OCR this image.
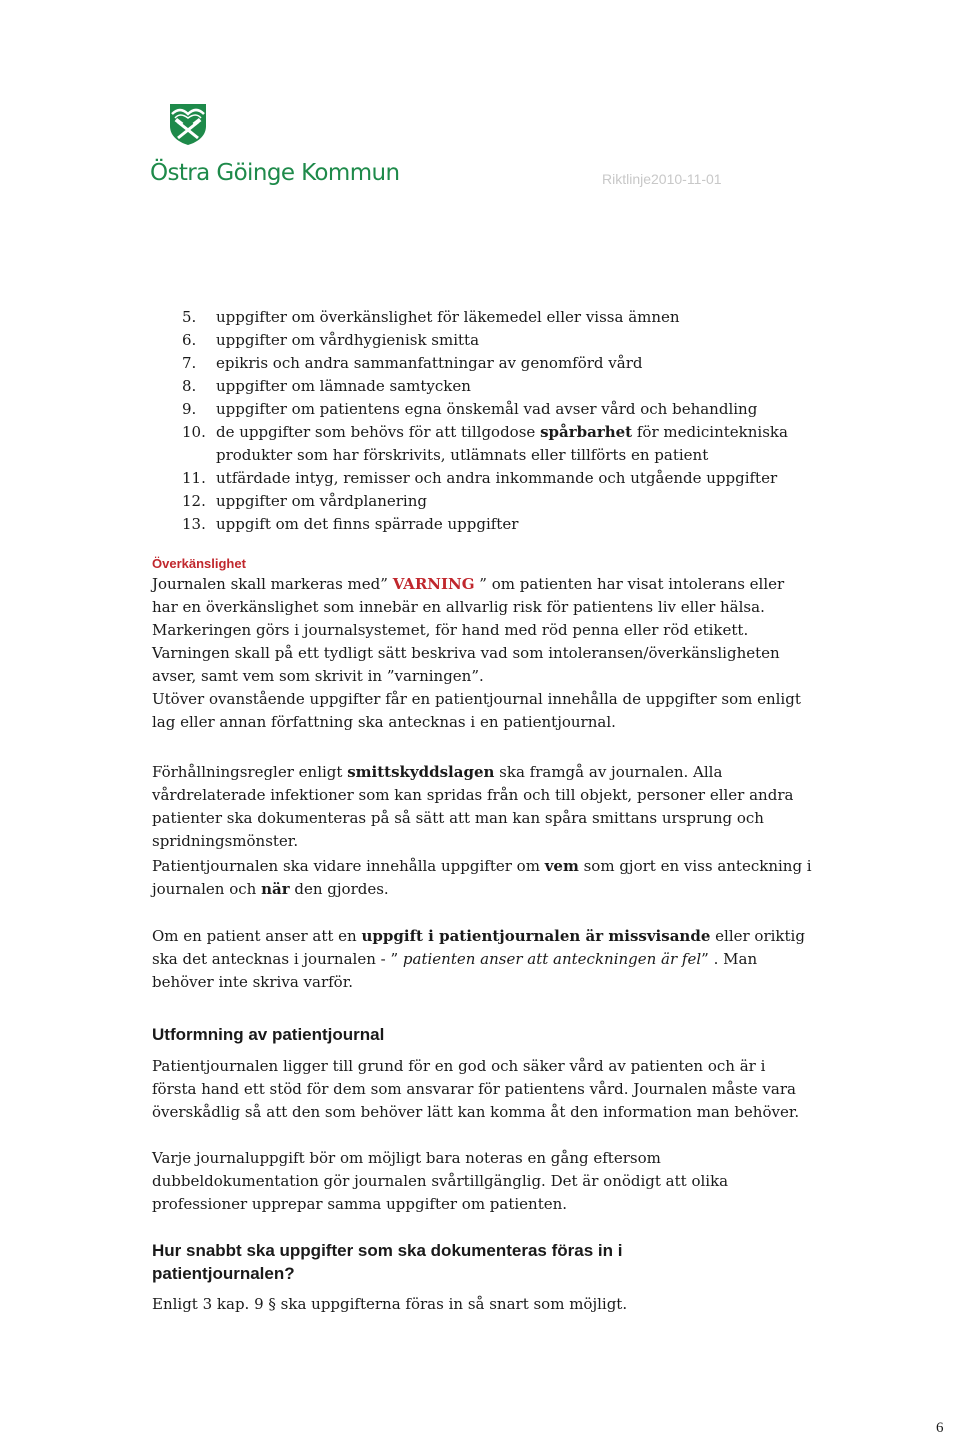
Östra Göinge Kommun	Riktlinje2010-11-01
5. uppgifter om överkänslighet för läkemedel eller vissa ämnen
6. uppgifter om vårdhygienisk smitta
7. epikris och andra sammanfattningar av genomförd vård
8. uppgifter om lämnade samtycken
9. uppgifter om patientens egna önskemål vad avser vård och behandling
10. de uppgifter som behövs för att tillgodose spårbarhet för medicintekniska produkter som har förskrivits, utlämnats eller tillförts en patient
11. utfärdade intyg, remisser och andra inkommande och utgående uppgifter
12. uppgifter om vårdplanering
13. uppgift om det finns spärrade uppgifter
Överkänslighet

Journalen skall markeras med” VARNING ” om patienten har visat intolerans eller har en överkänslighet som innebär en allvarlig risk för patientens liv eller hälsa. Markeringen görs i journalsystemet, för hand med röd penna eller röd etikett. Varningen skall på ett tydligt sätt beskriva vad som intoleransen/överkänsligheten avser, samt vem som skrivit in ”varningen”.

Utöver ovanstående uppgifter får en patientjournal innehålla de uppgifter som enligt lag eller annan författning ska antecknas i en patientjournal.

Förhållningsregler enligt smittskyddslagen ska framgå av journalen. Alla vårdrelaterade infektioner som kan spridas från och till objekt, personer eller andra patienter ska dokumenteras på så sätt att man kan spåra smittans ursprung och spridningsmönster.

Patientjournalen ska vidare innehålla uppgifter om vem som gjort en viss anteckning i journalen och när den gjordes.

Om en patient anser att en uppgift i patientjournalen är missvisande eller oriktig ska det antecknas i journalen - ” patienten anser att anteckningen är fel” . Man behöver inte skriva varför.

Utformning av patientjournal

Patientjournalen ligger till grund för en god och säker vård av patienten och är i första hand ett stöd för dem som ansvarar för patientens vård. Journalen måste vara överskådlig så att den som behöver lätt kan komma åt den information man behöver.

Varje journaluppgift bör om möjligt bara noteras en gång eftersom dubbeldokumentation gör journalen svårtillgänglig. Det är onödigt att olika professioner upprepar samma uppgifter om patienten.

Hur snabbt ska uppgifter som ska dokumenteras föras in i patientjournalen?

Enligt 3 kap. 9 § ska uppgifterna föras in så snart som möjligt.

6
